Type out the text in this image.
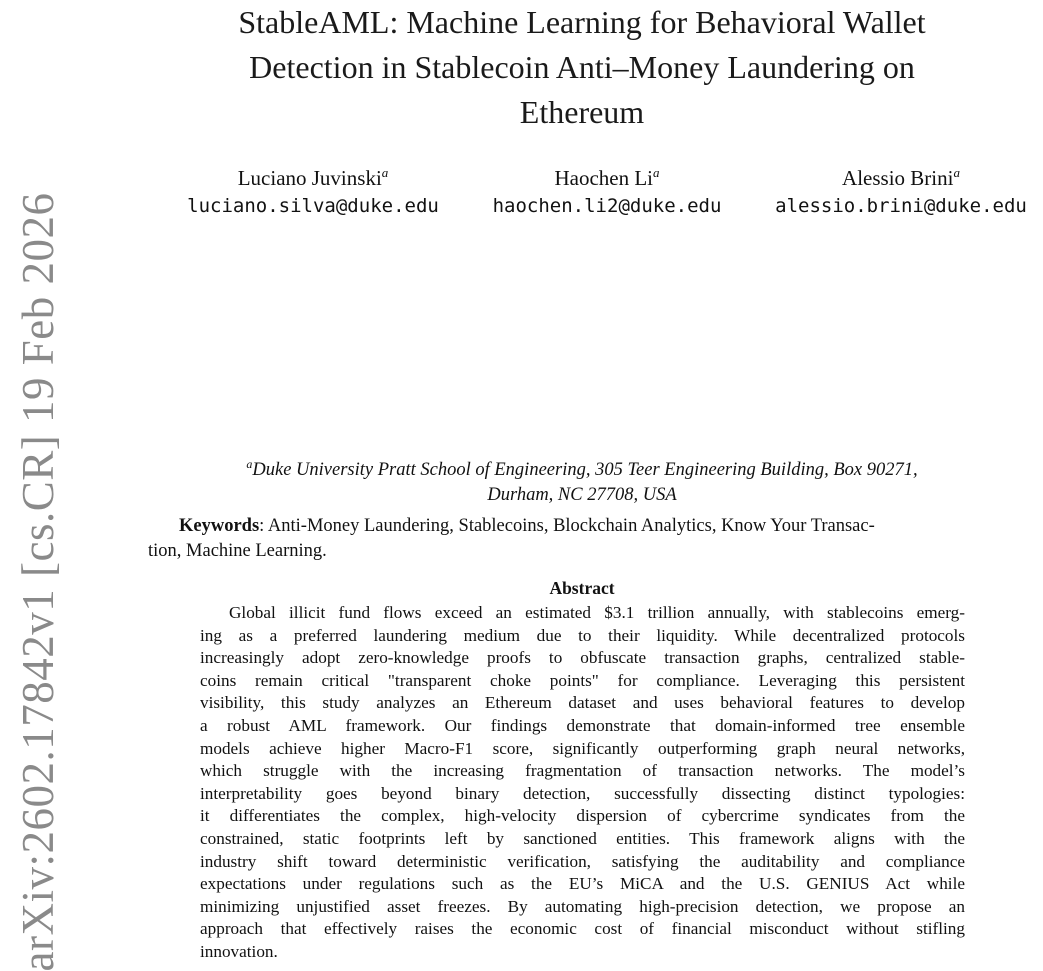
arXiv:2602.17842v1 [cs.CR] 19 Feb 2026
StableAML: Machine Learning for Behavioral Wallet
Detection in Stablecoin Anti–Money Laundering on
Ethereum
Luciano Juvinski$^a$
luciano.silva@duke.edu
Haochen Li$^a$
haochen.li2@duke.edu
Alessio Brini$^a$
alessio.brini@duke.edu
$^a$Duke University Pratt School of Engineering, 305 Teer Engineering Building, Box 90271,
Durham, NC 27708, USA
Keywords: Anti-Money Laundering, Stablecoins, Blockchain Analytics, Know Your Transac-
tion, Machine Learning.
Abstract
Global illicit fund flows exceed an estimated $3.1 trillion annually, with stablecoins emerg-
ing as a preferred laundering medium due to their liquidity. While decentralized protocols
increasingly adopt zero-knowledge proofs to obfuscate transaction graphs, centralized stable-
coins remain critical "transparent choke points" for compliance. Leveraging this persistent
visibility, this study analyzes an Ethereum dataset and uses behavioral features to develop
a robust AML framework. Our findings demonstrate that domain-informed tree ensemble
models achieve higher Macro-F1 score, significantly outperforming graph neural networks,
which struggle with the increasing fragmentation of transaction networks. The model’s
interpretability goes beyond binary detection, successfully dissecting distinct typologies:
it differentiates the complex, high-velocity dispersion of cybercrime syndicates from the
constrained, static footprints left by sanctioned entities. This framework aligns with the
industry shift toward deterministic verification, satisfying the auditability and compliance
expectations under regulations such as the EU’s MiCA and the U.S. GENIUS Act while
minimizing unjustified asset freezes. By automating high-precision detection, we propose an
approach that effectively raises the economic cost of financial misconduct without stifling
innovation.
